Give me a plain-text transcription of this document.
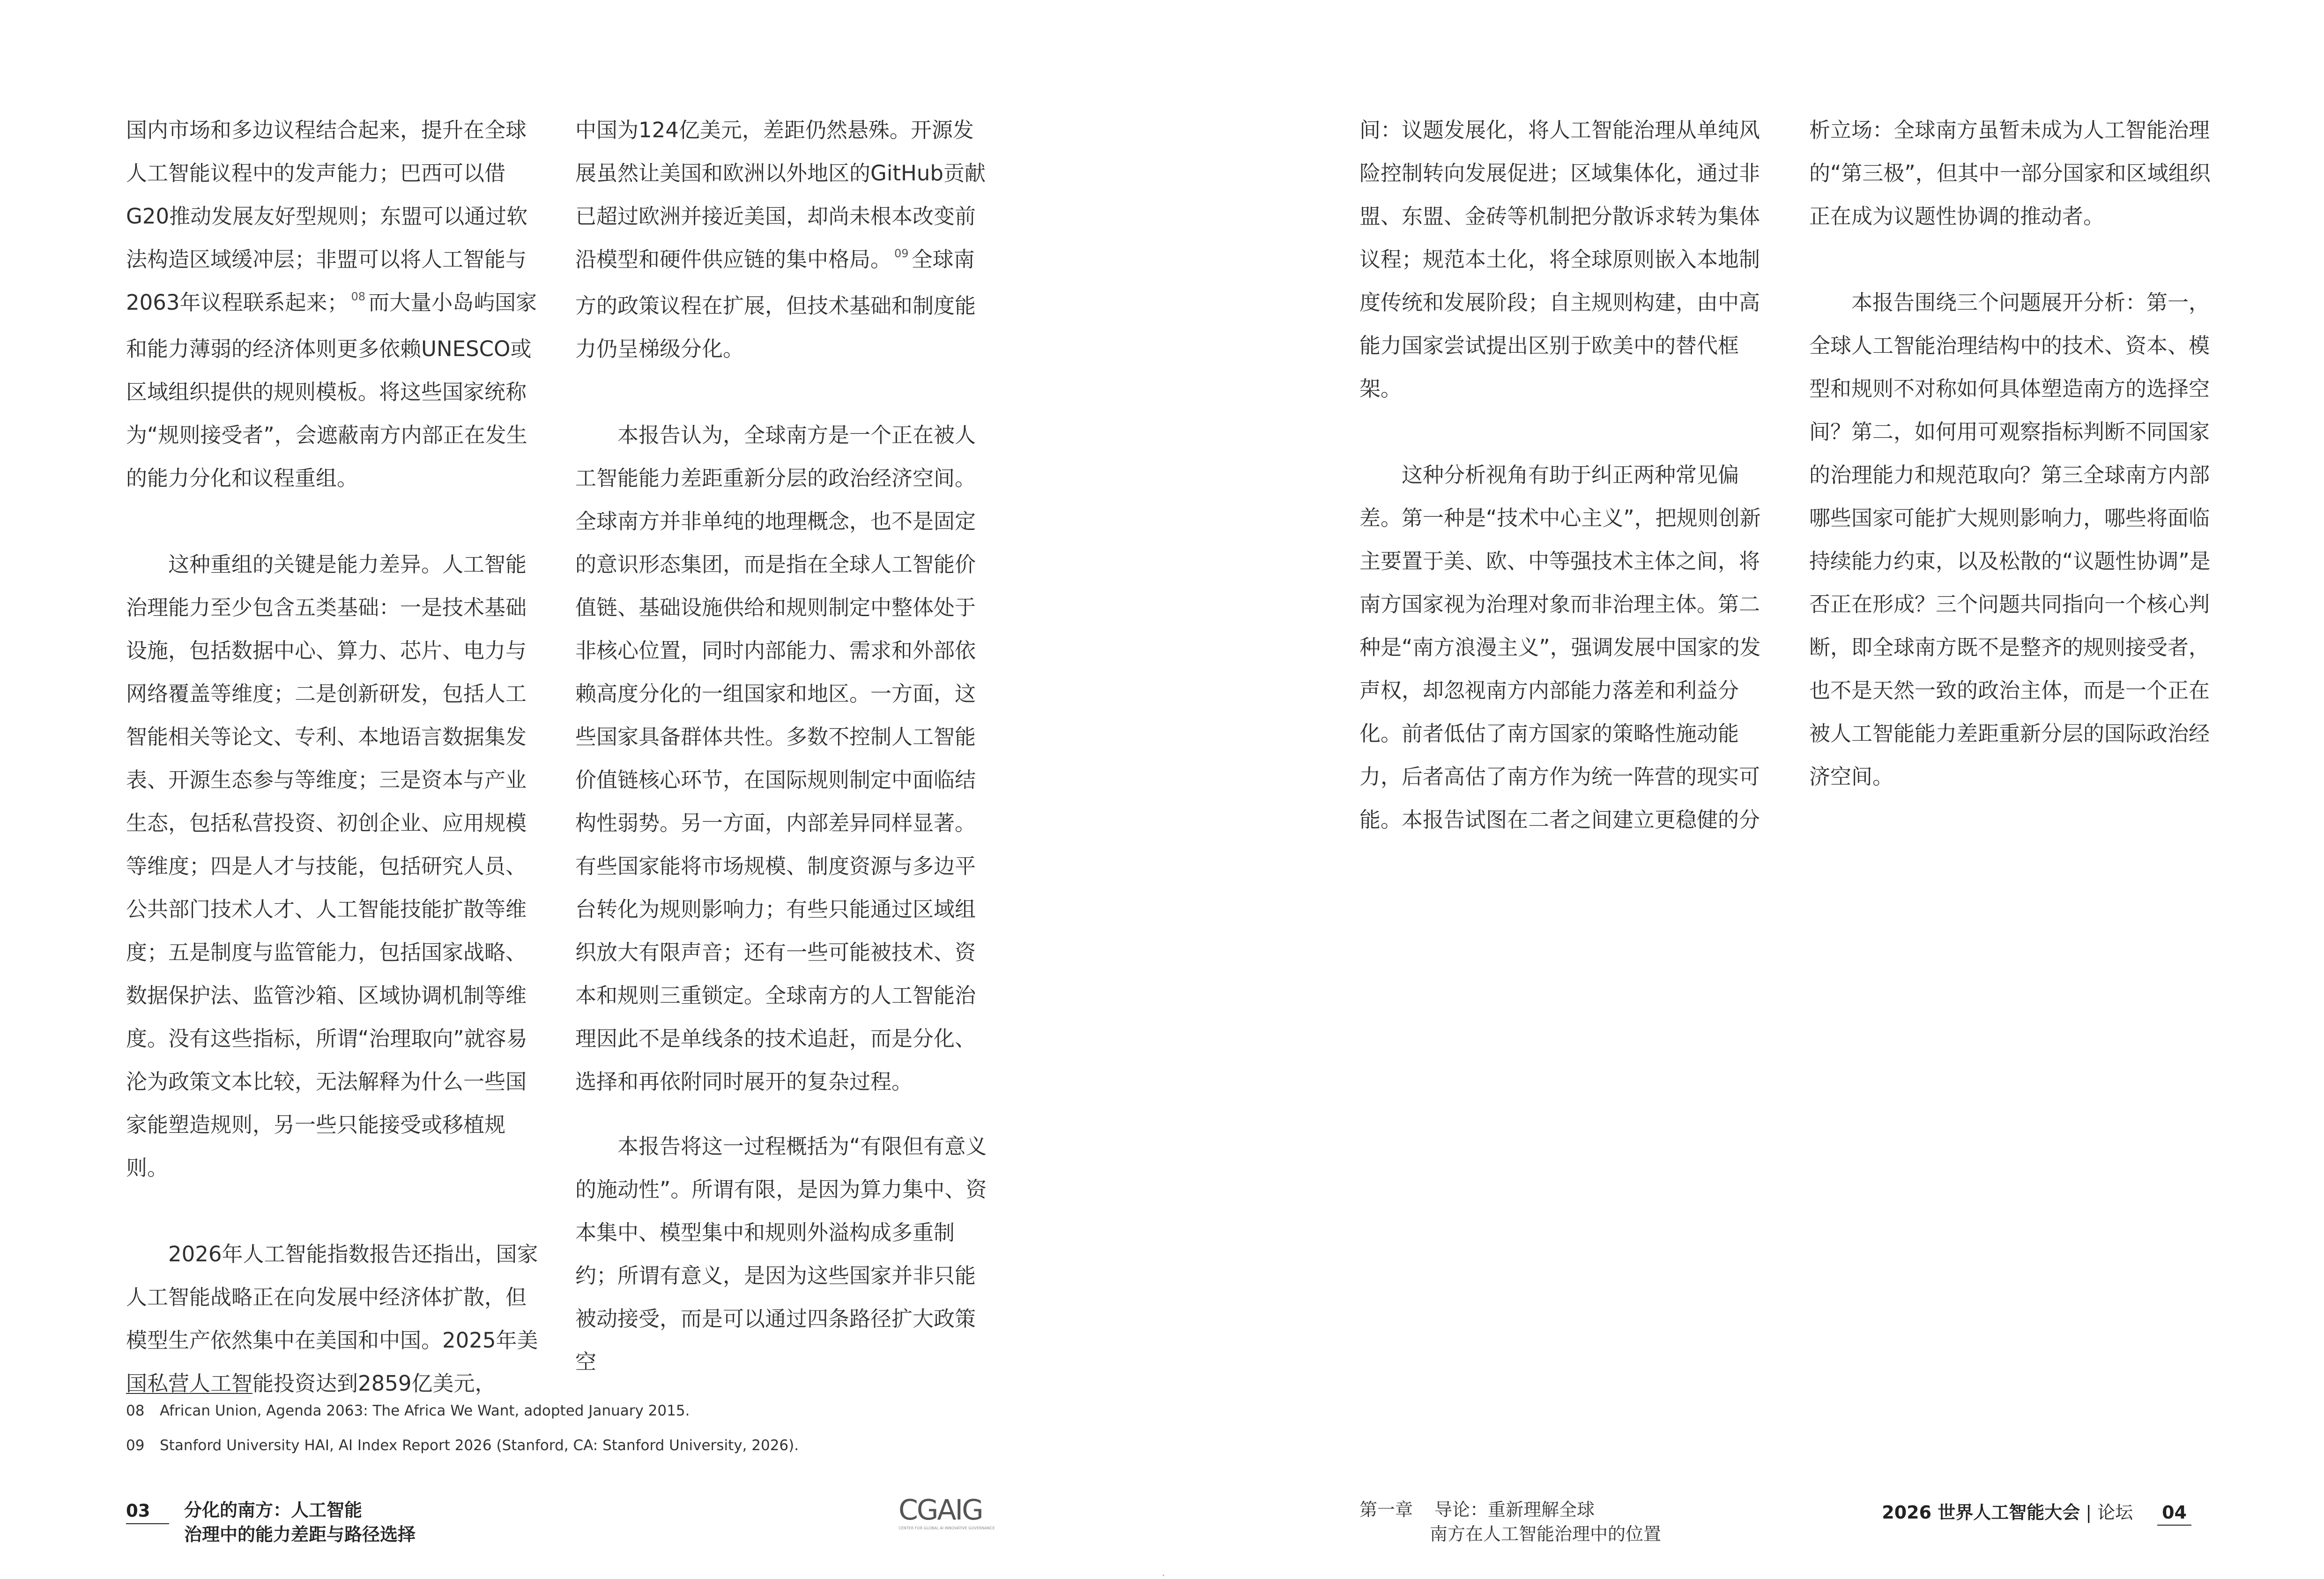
国内市场和多边议程结合起来，提升在全球人工智能议程中的发声能力；巴西可以借G20推动发展友好型规则；东盟可以通过软法构造区域缓冲层；非盟可以将人工智能与2063年议程联系起来； $^{08}$ 而大量小岛屿国家和能力薄弱的经济体则更多依赖UNESCO或区域组织提供的规则模板。将这些国家统称为“规则接受者”，会遮蔽南方内部正在发生的能力分化和议程重组。

这种重组的关键是能力差异。人工智能治理能力至少包含五类基础：一是技术基础设施，包括数据中心、算力、芯片、电力与网络覆盖等维度；二是创新研发，包括人工智能相关等论文、专利、本地语言数据集发表、开源生态参与等维度；三是资本与产业生态，包括私营投资、初创企业、应用规模等维度；四是人才与技能，包括研究人员、公共部门技术人才、人工智能技能扩散等维度；五是制度与监管能力，包括国家战略、数据保护法、监管沙箱、区域协调机制等维度。没有这些指标，所谓“治理取向”就容易沦为政策文本比较，无法解释为什么一些国家能塑造规则，另一些只能接受或移植规则。

2026年人工智能指数报告还指出，国家人工智能战略正在向发展中经济体扩散，但模型生产依然集中在美国和中国。2025年美国私营人工智能投资达到2859亿美元，

中国为124亿美元，差距仍然悬殊。开源发展虽然让美国和欧洲以外地区的GitHub贡献已超过欧洲并接近美国，却尚未根本改变前沿模型和硬件供应链的集中格局。 $^{09}$ 全球南方的政策议程在扩展，但技术基础和制度能力仍呈梯级分化。

本报告认为，全球南方是一个正在被人工智能能力差距重新分层的政治经济空间。全球南方并非单纯的地理概念，也不是固定的意识形态集团，而是指在全球人工智能价值链、基础设施供给和规则制定中整体处于非核心位置，同时内部能力、需求和外部依赖高度分化的一组国家和地区。一方面，这些国家具备群体共性。多数不控制人工智能价值链核心环节，在国际规则制定中面临结构性弱势。另一方面，内部差异同样显著。有些国家能将市场规模、制度资源与多边平台转化为规则影响力；有些只能通过区域组织放大有限声音；还有一些可能被技术、资本和规则三重锁定。全球南方的人工智能治理因此不是单线条的技术追赶，而是分化、选择和再依附同时展开的复杂过程。

本报告将这一过程概括为“有限但有意义的施动性”。所谓有限，是因为算力集中、资本集中、模型集中和规则外溢构成多重制约；所谓有意义，是因为这些国家并非只能被动接受，而是可以通过四条路径扩大政策空

08 African Union, Agenda 2063: The Africa We Want, adopted January 2015.
09 Stanford University HAI, AI Index Report 2026 (Stanford, CA: Stanford University, 2026).
03 分化的南方：人工智能
治理中的能力差距与路径选择
CGAIG
CENTER FOR GLOBAL AI INNOVATIVE GOVERNANCE

间：议题发展化，将人工智能治理从单纯风险控制转向发展促进；区域集体化，通过非盟、东盟、金砖等机制把分散诉求转为集体议程；规范本土化，将全球原则嵌入本地制度传统和发展阶段；自主规则构建，由中高能力国家尝试提出区别于欧美中的替代框架。

这种分析视角有助于纠正两种常见偏差。第一种是“技术中心主义”，把规则创新主要置于美、欧、中等强技术主体之间，将南方国家视为治理对象而非治理主体。第二种是“南方浪漫主义”，强调发展中国家的发声权，却忽视南方内部能力落差和利益分化。前者低估了南方国家的策略性施动能力，后者高估了南方作为统一阵营的现实可能。本报告试图在二者之间建立更稳健的分

析立场：全球南方虽暂未成为人工智能治理的“第三极”，但其中一部分国家和区域组织正在成为议题性协调的推动者。

本报告围绕三个问题展开分析：第一，全球人工智能治理结构中的技术、资本、模型和规则不对称如何具体塑造南方的选择空间？第二，如何用可观察指标判断不同国家的治理能力和规范取向？第三全球南方内部哪些国家可能扩大规则影响力，哪些将面临持续能力约束，以及松散的“议题性协调”是否正在形成？三个问题共同指向一个核心判断，即全球南方既不是整齐的规则接受者，也不是天然一致的政治主体，而是一个正在被人工智能能力差距重新分层的国际政治经济空间。

第一章 导论：重新理解全球
南方在人工智能治理中的位置
2026 世界人工智能大会 | 论坛 04
•
